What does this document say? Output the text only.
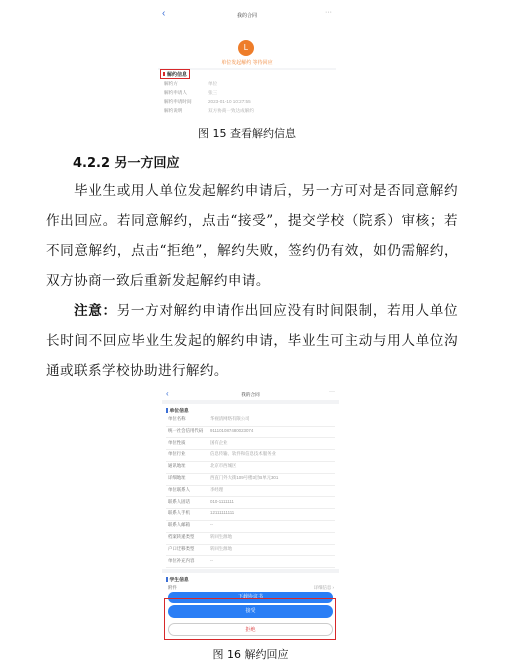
‹	我的合同	···
L
单位发起解约 等待回应
解约信息
解约方	单位
解约申请人	张三
解约申请时间	2023-01-10 10:27:55
解约说明	双方协商一致达成解约
图 15 查看解约信息
4.2.2 另一方回应
毕业生或用人单位发起解约申请后，另一方可对是否同意解约作出回应。若同意解约，点击“接受”，提交学校（院系）审核；若不同意解约，点击“拒绝”，解约失败，签约仍有效，如仍需解约，双方协商一致后重新发起解约申请。
注意：另一方对解约申请作出回应没有时间限制，若用人单位长时间不回应毕业生发起的解约申请，毕业生可主动与用人单位沟通或联系学校协助进行解约。
‹	我的合同	···
单位信息
单位名称	华视清网络有限公司
统一社会信用代码 911101087480023074
单位性质	国有企业
单位行业	信息传输、软件和信息技术服务业
通讯地址	北京市西城区
详细地址	西直门外大街109号楼3层B单元301
单位联系人	李经理
联系人固话	010-1111111
联系人手机	12111111111
联系人邮箱	--
档案转递类型	转回生源地
户口迁移类型	转回生源地
单位补充内容	--
学生信息
附件	详细信息 ›
下载协议书
接受
拒绝
图 16 解约回应
